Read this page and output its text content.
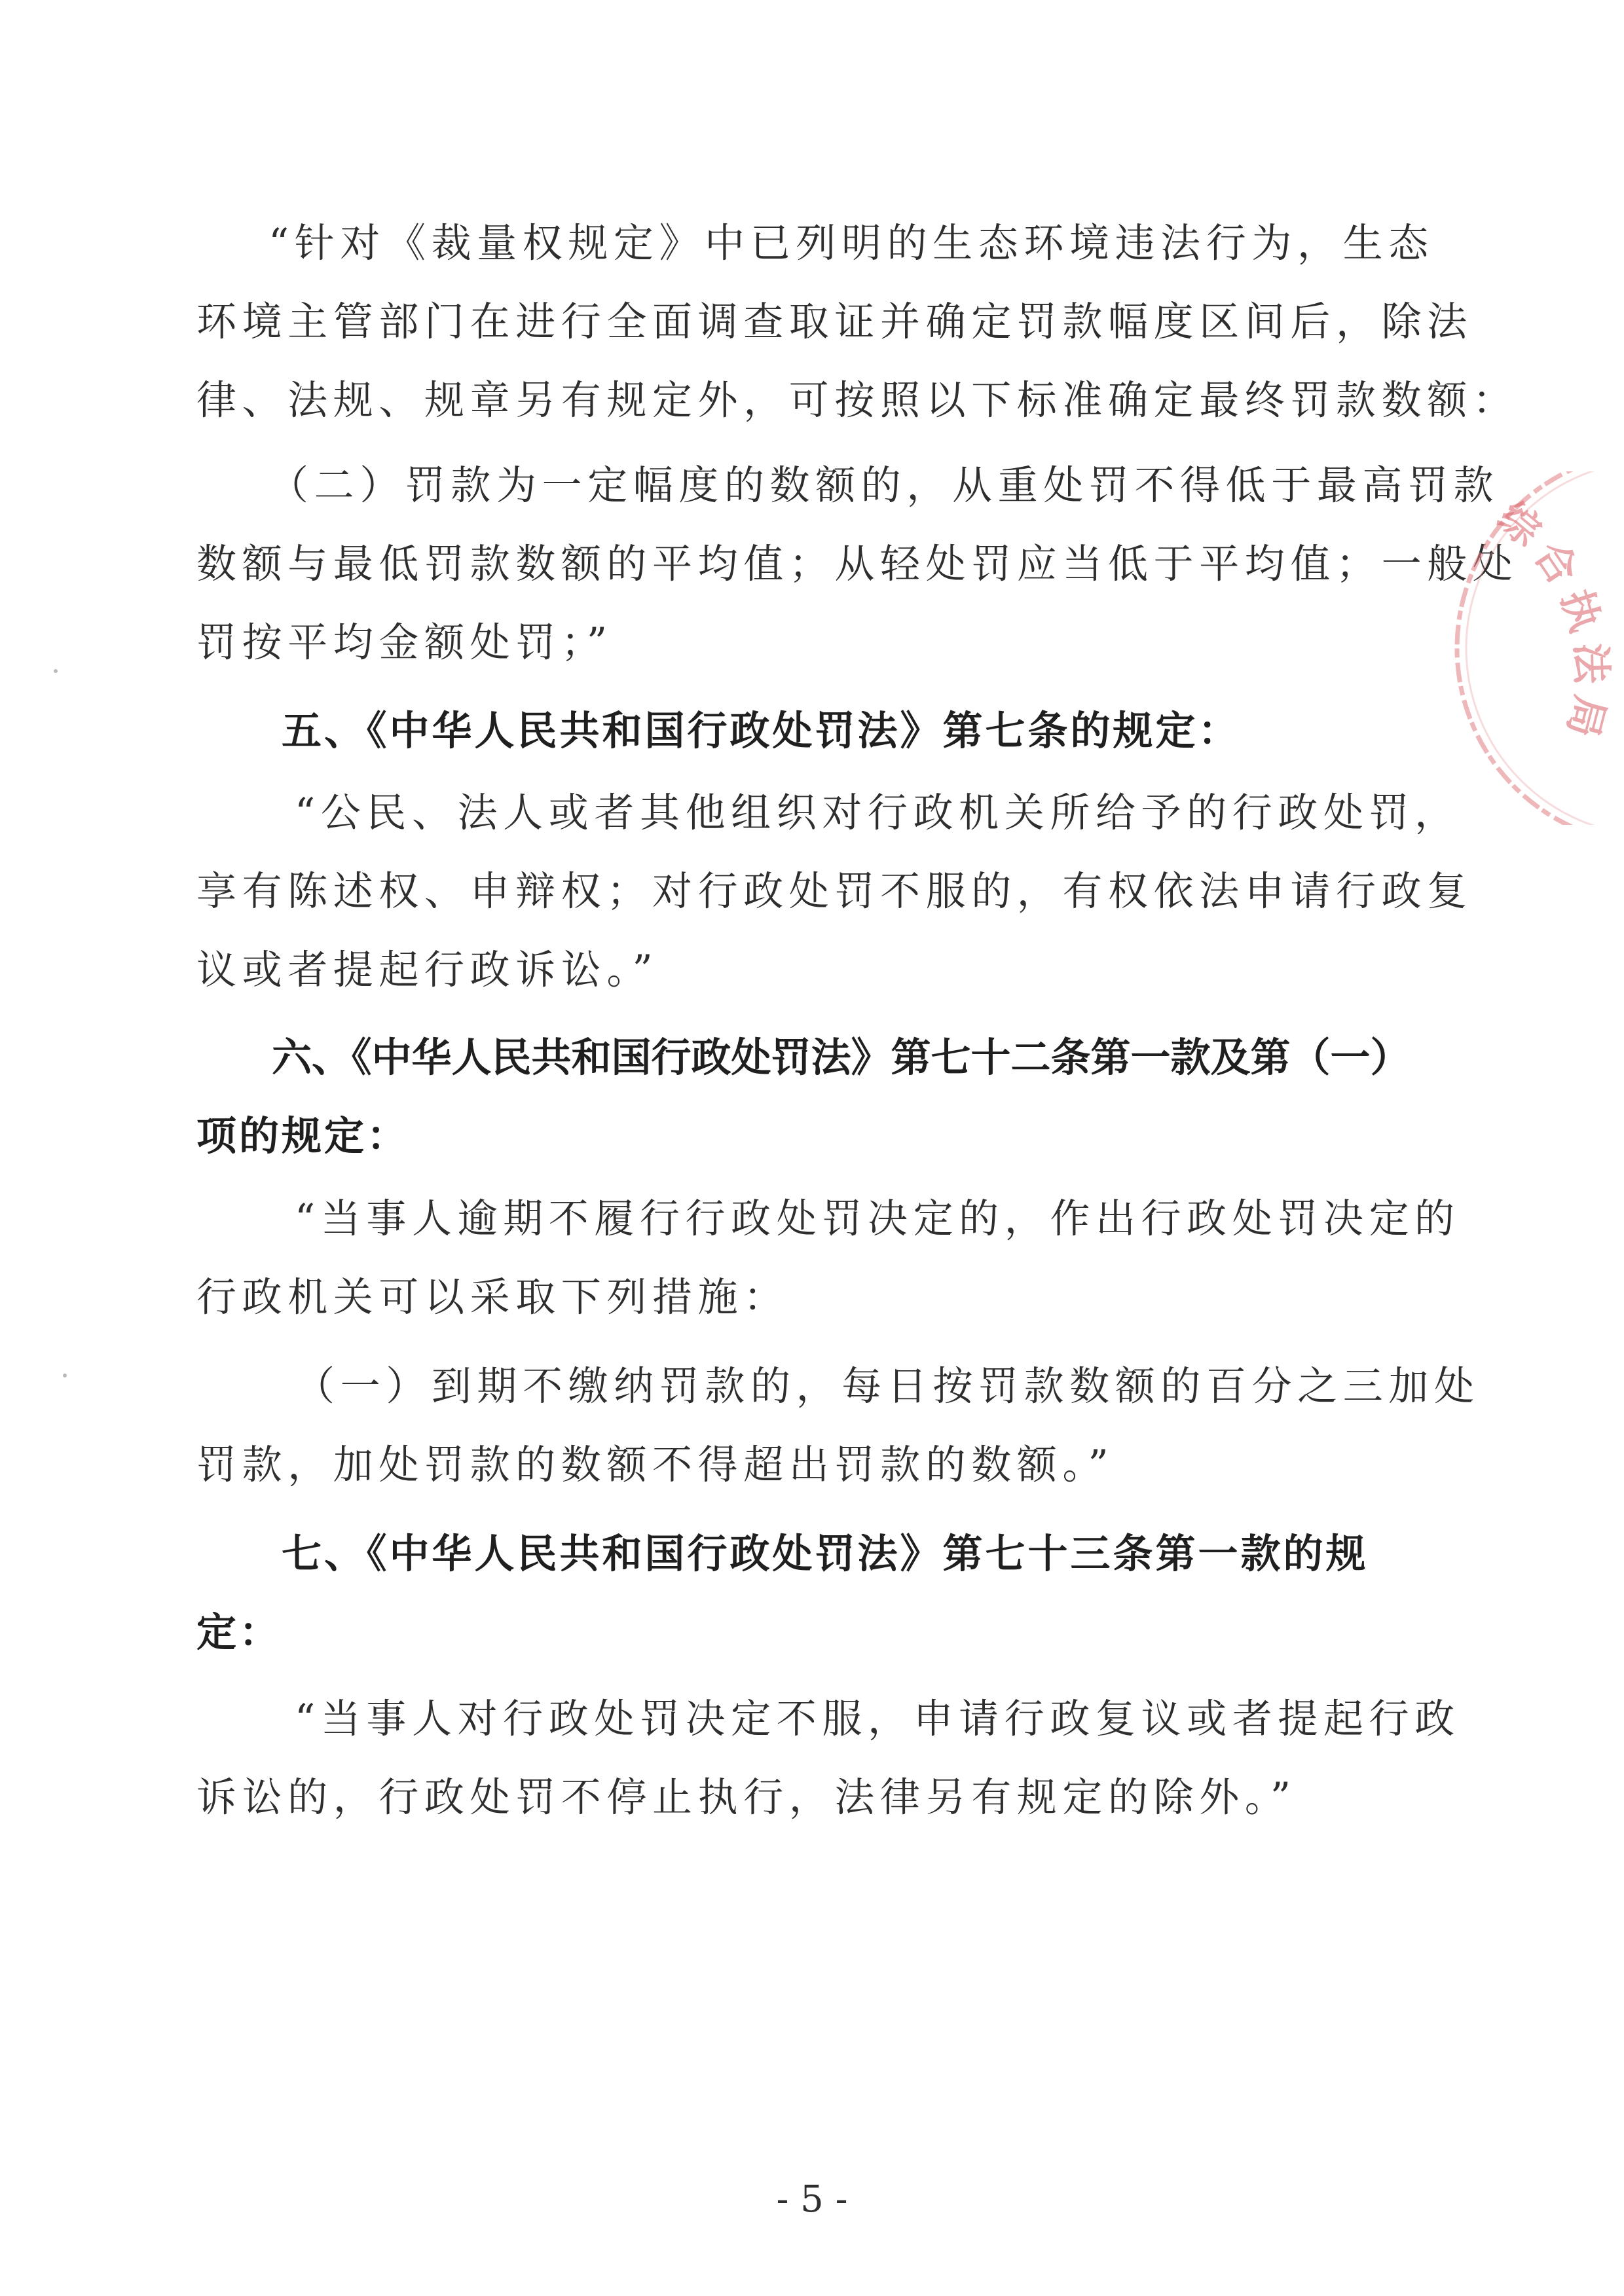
“针对《裁量权规定》中已列明的生态环境违法行为，生态
环境主管部门在进行全面调查取证并确定罚款幅度区间后，除法
律、法规、规章另有规定外，可按照以下标准确定最终罚款数额：
（二）罚款为一定幅度的数额的，从重处罚不得低于最高罚款
数额与最低罚款数额的平均值；从轻处罚应当低于平均值；一般处
罚按平均金额处罚；”
五、《中华人民共和国行政处罚法》第七条的规定：
“公民、法人或者其他组织对行政机关所给予的行政处罚，
享有陈述权、申辩权；对行政处罚不服的，有权依法申请行政复
议或者提起行政诉讼。”
六、《中华人民共和国行政处罚法》第七十二条第一款及第（一）
项的规定：
“当事人逾期不履行行政处罚决定的，作出行政处罚决定的
行政机关可以采取下列措施：
（一）到期不缴纳罚款的，每日按罚款数额的百分之三加处
罚款，加处罚款的数额不得超出罚款的数额。”
七、《中华人民共和国行政处罚法》第七十三条第一款的规
定：
“当事人对行政处罚决定不服，申请行政复议或者提起行政
诉讼的，行政处罚不停止执行，法律另有规定的除外。”
- 5 -
综合执法局
